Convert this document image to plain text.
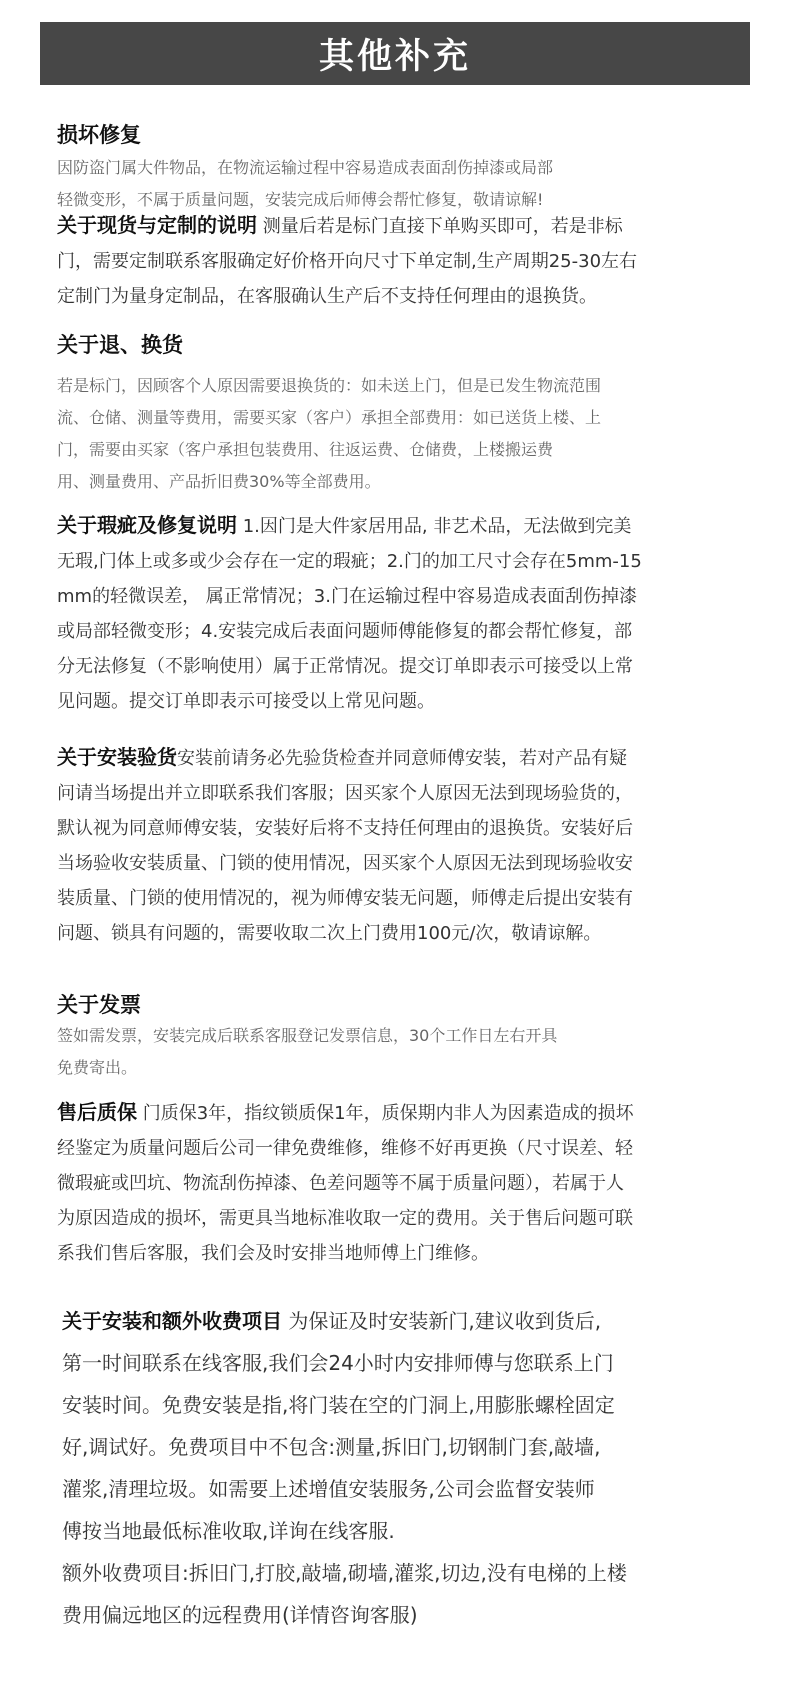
其他补充
损坏修复

因防盗门属大件物品，在物流运输过程中容易造成表面刮伤掉漆或局部

轻微变形，不属于质量问题，安装完成后师傅会帮忙修复，敬请谅解!

关于现货与定制的说明 测量后若是标门直接下单购买即可，若是非标

门，需要定制联系客服确定好价格开向尺寸下单定制,生产周期25-30左右

定制门为量身定制品，在客服确认生产后不支持任何理由的退换货。

关于退、换货

若是标门，因顾客个人原因需要退换货的：如未送上门，但是已发生物流范围

流、仓储、测量等费用，需要买家（客户）承担全部费用：如已送货上楼、上

门，需要由买家（客户承担包装费用、往返运费、仓储费，上楼搬运费

用、测量费用、产品折旧费30%等全部费用。

关于瑕疵及修复说明 1.因门是大件家居用品, 非艺术品，无法做到完美

无瑕,门体上或多或少会存在一定的瑕疵；2.门的加工尺寸会存在5mm-15

mm的轻微误差， 属正常情况；3.门在运输过程中容易造成表面刮伤掉漆

或局部轻微变形；4.安装完成后表面问题师傅能修复的都会帮忙修复，部

分无法修复（不影响使用）属于正常情况。提交订单即表示可接受以上常

见问题。提交订单即表示可接受以上常见问题。

关于安装验货安装前请务必先验货检查并同意师傅安装，若对产品有疑

问请当场提出并立即联系我们客服；因买家个人原因无法到现场验货的，

默认视为同意师傅安装，安装好后将不支持任何理由的退换货。安装好后

当场验收安装质量、门锁的使用情况，因买家个人原因无法到现场验收安

装质量、门锁的使用情况的，视为师傅安装无问题，师傅走后提出安装有

问题、锁具有问题的，需要收取二次上门费用100元/次，敬请谅解。

关于发票

签如需发票，安装完成后联系客服登记发票信息，30个工作日左右开具

免费寄出。

售后质保 门质保3年，指纹锁质保1年，质保期内非人为因素造成的损坏

经鉴定为质量问题后公司一律免费维修，维修不好再更换（尺寸误差、轻

微瑕疵或凹坑、物流刮伤掉漆、色差问题等不属于质量问题），若属于人

为原因造成的损坏，需更具当地标准收取一定的费用。关于售后问题可联

系我们售后客服，我们会及时安排当地师傅上门维修。

关于安装和额外收费项目 为保证及时安装新门,建议收到货后,

第一时间联系在线客服,我们会24小时内安排师傅与您联系上门

安装时间。免费安装是指,将门装在空的门洞上,用膨胀螺栓固定

好,调试好。免费项目中不包含:测量,拆旧门,切钢制门套,敲墙,

灌浆,清理垃圾。如需要上述增值安装服务,公司会监督安装师

傅按当地最低标准收取,详询在线客服.

额外收费项目:拆旧门,打胶,敲墙,砌墙,灌浆,切边,没有电梯的上楼

费用偏远地区的远程费用(详情咨询客服)
